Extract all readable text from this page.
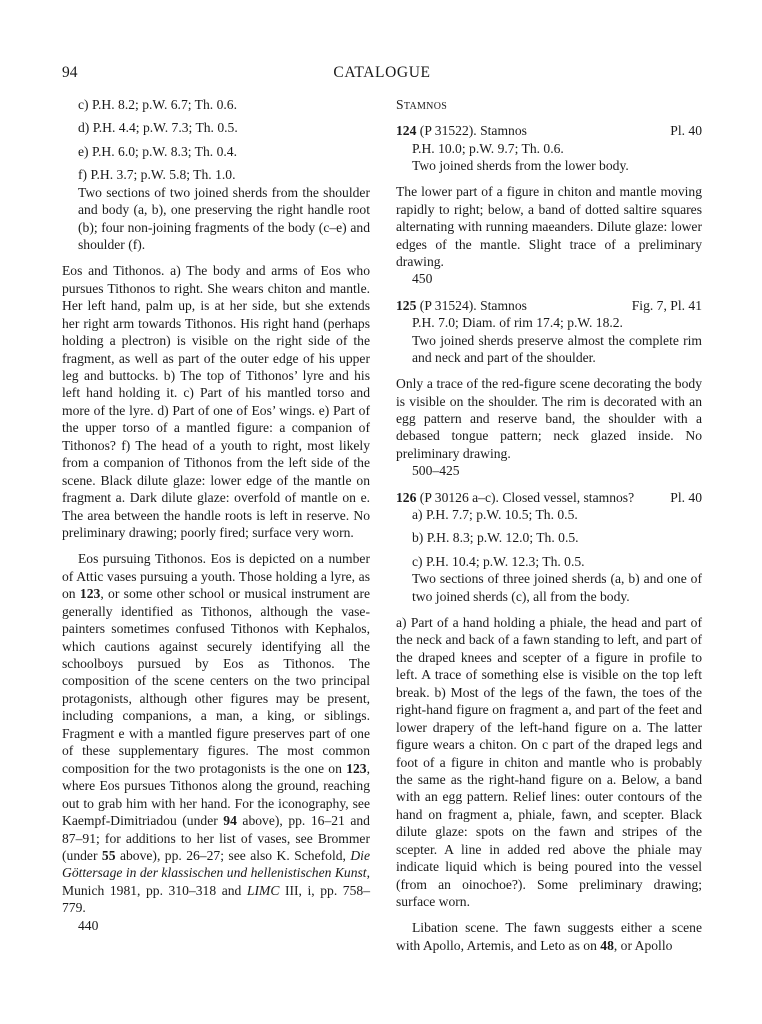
94	CATALOGUE

c) P.H. 8.2; p.W. 6.7; Th. 0.6.

d) P.H. 4.4; p.W. 7.3; Th. 0.5.

e) P.H. 6.0; p.W. 8.3; Th. 0.4.

f) P.H. 3.7; p.W. 5.8; Th. 1.0.

Two sections of two joined sherds from the shoulder and body (a, b), one preserving the right handle root (b); four non-joining fragments of the body (c–e) and shoulder (f).

Eos and Tithonos. a) The body and arms of Eos who pursues Tithonos to right. She wears chiton and mantle. Her left hand, palm up, is at her side, but she extends her right arm towards Tithonos. His right hand (perhaps holding a plectron) is visible on the right side of the fragment, as well as part of the outer edge of his upper leg and buttocks. b) The top of Tithonos’ lyre and his left hand holding it. c) Part of his mantled torso and more of the lyre. d) Part of one of Eos’ wings. e) Part of the upper torso of a mantled figure: a companion of Tithonos? f) The head of a youth to right, most likely from a companion of Tithonos from the left side of the scene. Black dilute glaze: lower edge of the mantle on fragment a. Dark dilute glaze: overfold of mantle on e. The area between the handle roots is left in reserve. No preliminary drawing; poorly fired; surface very worn.

Eos pursuing Tithonos. Eos is depicted on a number of Attic vases pursuing a youth. Those holding a lyre, as on 123, or some other school or musical instrument are generally identified as Tithonos, although the vase-painters sometimes confused Tithonos with Kephalos, which cautions against securely identifying all the schoolboys pursued by Eos as Tithonos. The composition of the scene centers on the two principal protagonists, although other figures may be present, including companions, a man, a king, or siblings. Fragment e with a mantled figure preserves part of one of these supplementary figures. The most common composition for the two protagonists is the one on 123, where Eos pursues Tithonos along the ground, reaching out to grab him with her hand. For the iconography, see Kaempf-Dimitriadou (under 94 above), pp. 16–21 and 87–91; for additions to her list of vases, see Brommer (under 55 above), pp. 26–27; see also K. Schefold, Die Göttersage in der klassischen und hellenistischen Kunst, Munich 1981, pp. 310–318 and LIMC III, i, pp. 758–779.

440

Stamnos

124 (P 31522). Stamnos	Pl. 40

P.H. 10.0; p.W. 9.7; Th. 0.6.

Two joined sherds from the lower body.

The lower part of a figure in chiton and mantle moving rapidly to right; below, a band of dotted saltire squares alternating with running maeanders. Dilute glaze: lower edges of the mantle. Slight trace of a preliminary drawing.

450

125 (P 31524). Stamnos	Fig. 7, Pl. 41

P.H. 7.0; Diam. of rim 17.4; p.W. 18.2.

Two joined sherds preserve almost the complete rim and neck and part of the shoulder.

Only a trace of the red-figure scene decorating the body is visible on the shoulder. The rim is decorated with an egg pattern and reserve band, the shoulder with a debased tongue pattern; neck glazed inside. No preliminary drawing.

500–425

126 (P 30126 a–c). Closed vessel, stamnos?	Pl. 40

a) P.H. 7.7; p.W. 10.5; Th. 0.5.

b) P.H. 8.3; p.W. 12.0; Th. 0.5.

c) P.H. 10.4; p.W. 12.3; Th. 0.5.

Two sections of three joined sherds (a, b) and one of two joined sherds (c), all from the body.

a) Part of a hand holding a phiale, the head and part of the neck and back of a fawn standing to left, and part of the draped knees and scepter of a figure in profile to left. A trace of something else is visible on the top left break. b) Most of the legs of the fawn, the toes of the right-hand figure on fragment a, and part of the feet and lower drapery of the left-hand figure on a. The latter figure wears a chiton. On c part of the draped legs and foot of a figure in chiton and mantle who is probably the same as the right-hand figure on a. Below, a band with an egg pattern. Relief lines: outer contours of the hand on fragment a, phiale, fawn, and scepter. Black dilute glaze: spots on the fawn and stripes of the scepter. A line in added red above the phiale may indicate liquid which is being poured into the vessel (from an oinochoe?). Some preliminary drawing; surface worn.

Libation scene. The fawn suggests either a scene with Apollo, Artemis, and Leto as on 48, or Apollo
